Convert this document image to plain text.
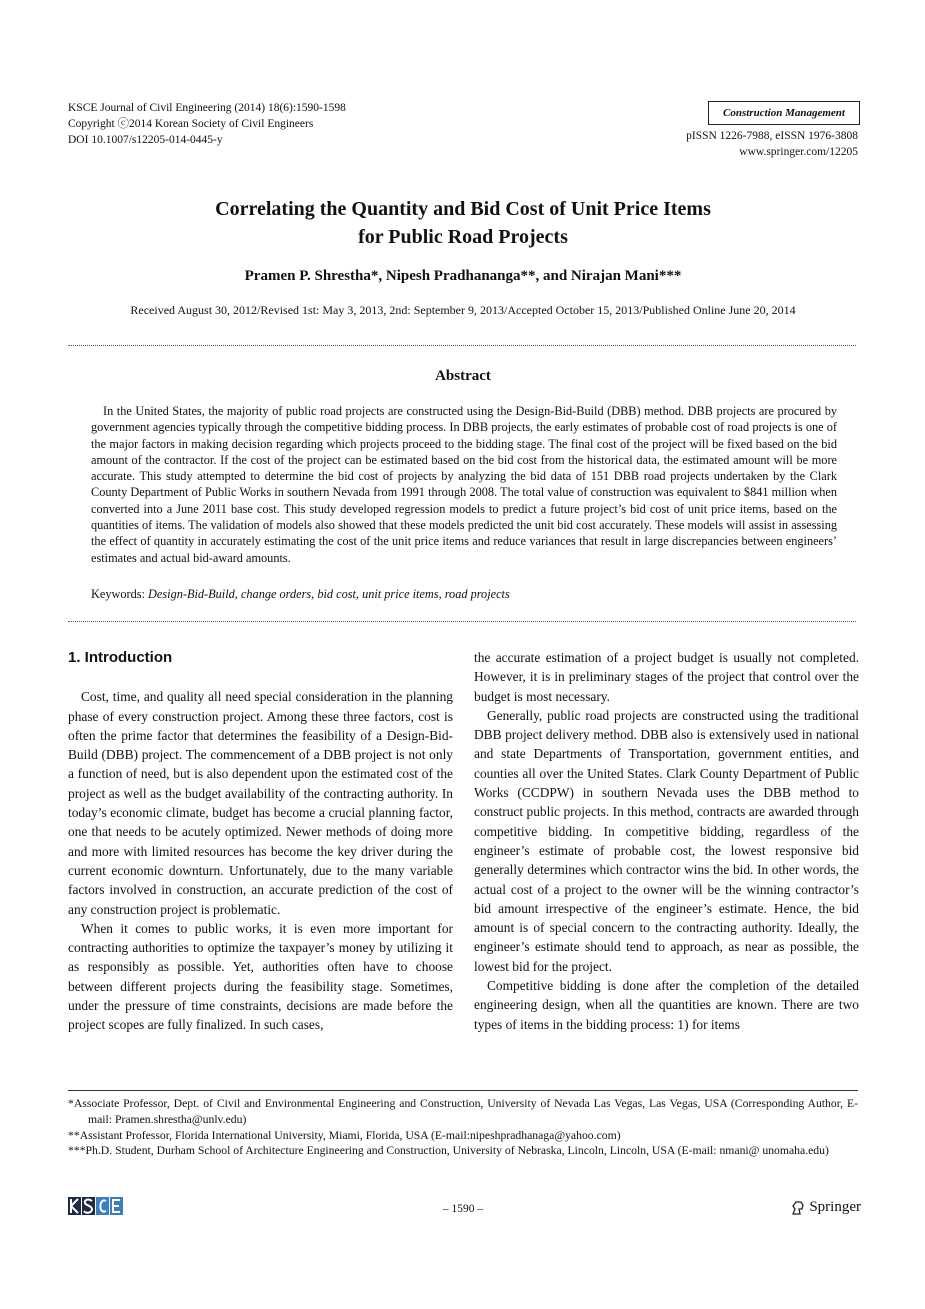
KSCE Journal of Civil Engineering (2014) 18(6):1590-1598
Copyright ⓒ2014 Korean Society of Civil Engineers
DOI 10.1007/s12205-014-0445-y
Construction Management
pISSN 1226-7988, eISSN 1976-3808
www.springer.com/12205
Correlating the Quantity and Bid Cost of Unit Price Items
for Public Road Projects
Pramen P. Shrestha*, Nipesh Pradhananga**, and Nirajan Mani***
Received August 30, 2012/Revised 1st: May 3, 2013, 2nd: September 9, 2013/Accepted October 15, 2013/Published Online June 20, 2014
Abstract
In the United States, the majority of public road projects are constructed using the Design-Bid-Build (DBB) method. DBB projects are procured by government agencies typically through the competitive bidding process. In DBB projects, the early estimates of probable cost of road projects is one of the major factors in making decision regarding which projects proceed to the bidding stage. The final cost of the project will be fixed based on the bid amount of the contractor. If the cost of the project can be estimated based on the bid cost from the historical data, the estimated amount will be more accurate. This study attempted to determine the bid cost of projects by analyzing the bid data of 151 DBB road projects undertaken by the Clark County Department of Public Works in southern Nevada from 1991 through 2008. The total value of construction was equivalent to $841 million when converted into a June 2011 base cost. This study developed regression models to predict a future project’s bid cost of unit price items, based on the quantities of items. The validation of models also showed that these models predicted the unit bid cost accurately. These models will assist in assessing the effect of quantity in accurately estimating the cost of the unit price items and reduce variances that result in large discrepancies between engineers’ estimates and actual bid-award amounts.
Keywords: Design-Bid-Build, change orders, bid cost, unit price items, road projects

1. Introduction

Cost, time, and quality all need special consideration in the planning phase of every construction project. Among these three factors, cost is often the prime factor that determines the feasibility of a Design-Bid-Build (DBB) project. The commencement of a DBB project is not only a function of need, but is also dependent upon the estimated cost of the project as well as the budget availability of the contracting authority. In today’s economic climate, budget has become a crucial planning factor, one that needs to be acutely optimized. Newer methods of doing more and more with limited resources has become the key driver during the current economic downturn. Unfortunately, due to the many variable factors involved in construction, an accurate prediction of the cost of any construction project is problematic.

When it comes to public works, it is even more important for contracting authorities to optimize the taxpayer’s money by utilizing it as responsibly as possible. Yet, authorities often have to choose between different projects during the feasibility stage. Sometimes, under the pressure of time constraints, decisions are made before the project scopes are fully finalized. In such cases,

the accurate estimation of a project budget is usually not completed. However, it is in preliminary stages of the project that control over the budget is most necessary.

Generally, public road projects are constructed using the traditional DBB project delivery method. DBB also is extensively used in national and state Departments of Transportation, government entities, and counties all over the United States. Clark County Department of Public Works (CCDPW) in southern Nevada uses the DBB method to construct public projects. In this method, contracts are awarded through competitive bidding. In competitive bidding, regardless of the engineer’s estimate of probable cost, the lowest responsive bid generally determines which contractor wins the bid. In other words, the actual cost of a project to the owner will be the winning contractor’s bid amount irrespective of the engineer’s estimate. Hence, the bid amount is of special concern to the contracting authority. Ideally, the engineer’s estimate should tend to approach, as near as possible, the lowest bid for the project.

Competitive bidding is done after the completion of the detailed engineering design, when all the quantities are known. There are two types of items in the bidding process: 1) for items

*Associate Professor, Dept. of Civil and Environmental Engineering and Construction, University of Nevada Las Vegas, Las Vegas, USA (Corresponding Author, E-mail: Pramen.shrestha@unlv.edu)
**Assistant Professor, Florida International University, Miami, Florida, USA (E-mail:nipeshpradhanaga@yahoo.com)
***Ph.D. Student, Durham School of Architecture Engineering and Construction, University of Nebraska, Lincoln, Lincoln, USA (E-mail: nmani@ unomaha.edu)
– 1590 –	Springer
